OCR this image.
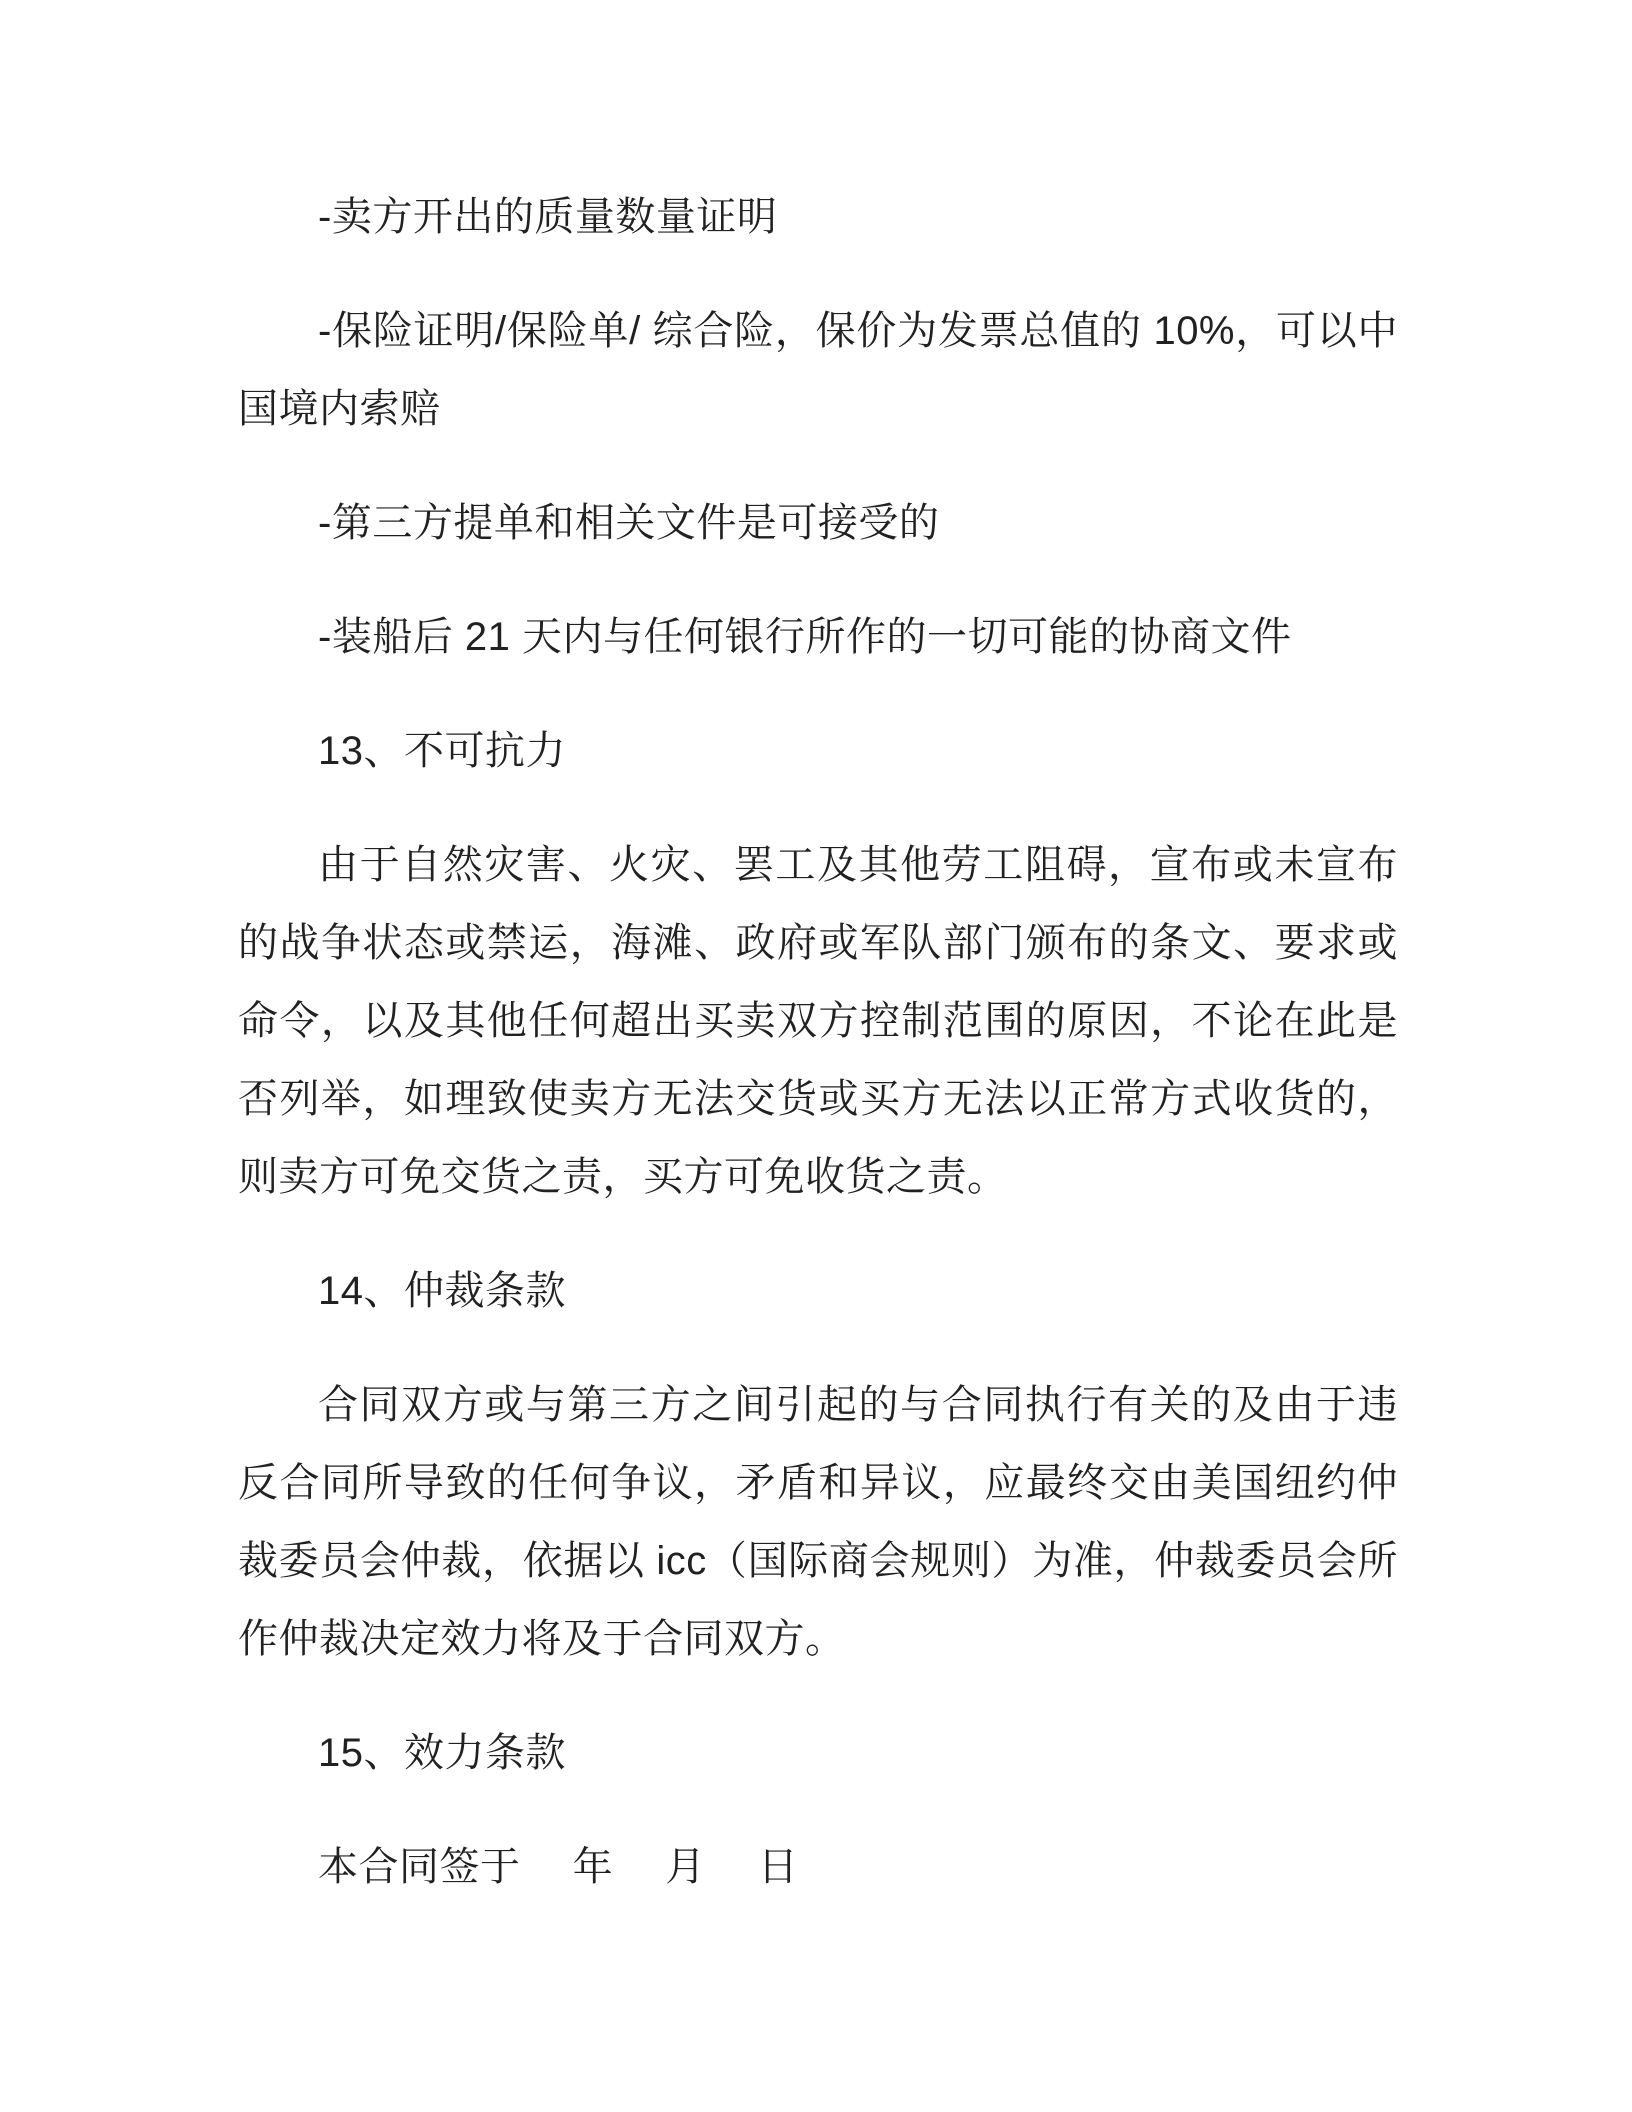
-卖方开出的质量数量证明

-保险证明/保险单/ 综合险，保价为发票总值的 10%，可以中国境内索赔

-第三方提单和相关文件是可接受的

-装船后 21 天内与任何银行所作的一切可能的协商文件

13、不可抗力

由于自然灾害、火灾、罢工及其他劳工阻碍，宣布或未宣布的战争状态或禁运，海滩、政府或军队部门颁布的条文、要求或命令，以及其他任何超出买卖双方控制范围的原因，不论在此是否列举，如理致使卖方无法交货或买方无法以正常方式收货的，则卖方可免交货之责，买方可免收货之责。

14、仲裁条款

合同双方或与第三方之间引起的与合同执行有关的及由于违反合同所导致的任何争议，矛盾和异议，应最终交由美国纽约仲裁委员会仲裁，依据以 icc（国际商会规则）为准，仲裁委员会所作仲裁决定效力将及于合同双方。

15、效力条款

本合同签于　 年　 月　 日
